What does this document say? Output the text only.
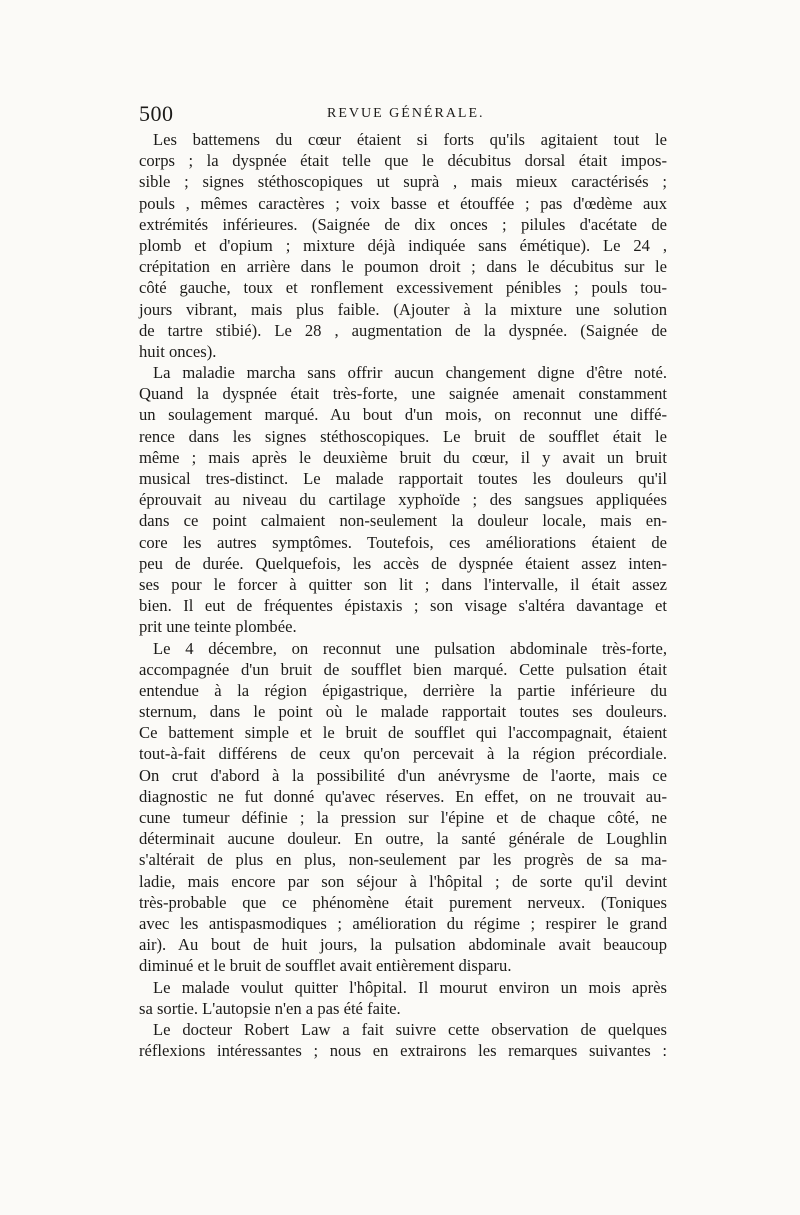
500	REVUE GÉNÉRALE.
Les battemens du cœur étaient si forts qu'ils agitaient tout le
corps ; la dyspnée était telle que le décubitus dorsal était impos-
sible ; signes stéthoscopiques ut suprà , mais mieux caractérisés ;
pouls , mêmes caractères ; voix basse et étouffée ; pas d'œdème aux
extrémités inférieures. (Saignée de dix onces ; pilules d'acétate de
plomb et d'opium ; mixture déjà indiquée sans émétique). Le 24 ,
crépitation en arrière dans le poumon droit ; dans le décubitus sur le
côté gauche, toux et ronflement excessivement pénibles ; pouls tou-
jours vibrant, mais plus faible. (Ajouter à la mixture une solution
de tartre stibié). Le 28 , augmentation de la dyspnée. (Saignée de
huit onces).
La maladie marcha sans offrir aucun changement digne d'être noté.
Quand la dyspnée était très-forte, une saignée amenait constamment
un soulagement marqué. Au bout d'un mois, on reconnut une diffé-
rence dans les signes stéthoscopiques. Le bruit de soufflet était le
même ; mais après le deuxième bruit du cœur, il y avait un bruit
musical tres-distinct. Le malade rapportait toutes les douleurs qu'il
éprouvait au niveau du cartilage xyphoïde ; des sangsues appliquées
dans ce point calmaient non-seulement la douleur locale, mais en-
core les autres symptômes. Toutefois, ces améliorations étaient de
peu de durée. Quelquefois, les accès de dyspnée étaient assez inten-
ses pour le forcer à quitter son lit ; dans l'intervalle, il était assez
bien. Il eut de fréquentes épistaxis ; son visage s'altéra davantage et
prit une teinte plombée.
Le 4 décembre, on reconnut une pulsation abdominale très-forte,
accompagnée d'un bruit de soufflet bien marqué. Cette pulsation était
entendue à la région épigastrique, derrière la partie inférieure du
sternum, dans le point où le malade rapportait toutes ses douleurs.
Ce battement simple et le bruit de soufflet qui l'accompagnait, étaient
tout-à-fait différens de ceux qu'on percevait à la région précordiale.
On crut d'abord à la possibilité d'un anévrysme de l'aorte, mais ce
diagnostic ne fut donné qu'avec réserves. En effet, on ne trouvait au-
cune tumeur définie ; la pression sur l'épine et de chaque côté, ne
déterminait aucune douleur. En outre, la santé générale de Loughlin
s'altérait de plus en plus, non-seulement par les progrès de sa ma-
ladie, mais encore par son séjour à l'hôpital ; de sorte qu'il devint
très-probable que ce phénomène était purement nerveux. (Toniques
avec les antispasmodiques ; amélioration du régime ; respirer le grand
air). Au bout de huit jours, la pulsation abdominale avait beaucoup
diminué et le bruit de soufflet avait entièrement disparu.
Le malade voulut quitter l'hôpital. Il mourut environ un mois après
sa sortie. L'autopsie n'en a pas été faite.
Le docteur Robert Law a fait suivre cette observation de quelques
réflexions intéressantes ; nous en extrairons les remarques suivantes :
